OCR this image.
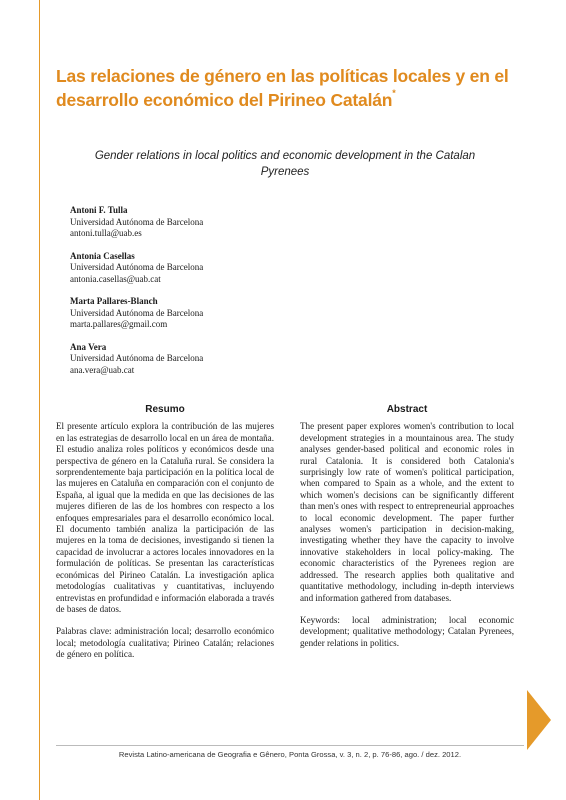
Las relaciones de género en las políticas locales y en el desarrollo económico del Pirineo Catalán*
Gender relations in local politics and economic development in the Catalan Pyrenees
Antoni F. Tulla
Universidad Autónoma de Barcelona
antoni.tulla@uab.es
Antonia Casellas
Universidad Autónoma de Barcelona
antonia.casellas@uab.cat
Marta Pallares-Blanch
Universidad Autónoma de Barcelona
marta.pallares@gmail.com
Ana Vera
Universidad Autónoma de Barcelona
ana.vera@uab.cat
Resumo

El presente artículo explora la contribución de las mujeres en las estrategias de desarrollo local en un área de montaña. El estudio analiza roles políticos y económicos desde una perspectiva de género en la Cataluña rural. Se considera la sorprendentemente baja participación en la política local de las mujeres en Cataluña en comparación con el conjunto de España, al igual que la medida en que las decisiones de las mujeres difieren de las de los hombres con respecto a los enfoques empresariales para el desarrollo económico local. El documento también analiza la participación de las mujeres en la toma de decisiones, investigando si tienen la capacidad de involucrar a actores locales innovadores en la formulación de políticas. Se presentan las características económicas del Pirineo Catalán. La investigación aplica metodologías cualitativas y cuantitativas, incluyendo entrevistas en profundidad e información elaborada a través de bases de datos.

Palabras clave: administración local; desarrollo económico local; metodología cualitativa; Pirineo Catalán; relaciones de género en política.

Abstract

The present paper explores women's contribution to local development strategies in a mountainous area. The study analyses gender-based political and economic roles in rural Catalonia. It is considered both Catalonia's surprisingly low rate of women's political participation, when compared to Spain as a whole, and the extent to which women's decisions can be significantly different than men's ones with respect to entrepreneurial approaches to local economic development. The paper further analyses women's participation in decision-making, investigating whether they have the capacity to involve innovative stakeholders in local policy-making. The economic characteristics of the Pyrenees region are addressed. The research applies both qualitative and quantitative methodology, including in-depth interviews and information gathered from databases.

Keywords: local administration; local economic development; qualitative methodology; Catalan Pyrenees, gender relations in politics.

Revista Latino-americana de Geografia e Gênero, Ponta Grossa, v. 3, n. 2, p. 76-86, ago. / dez. 2012.
